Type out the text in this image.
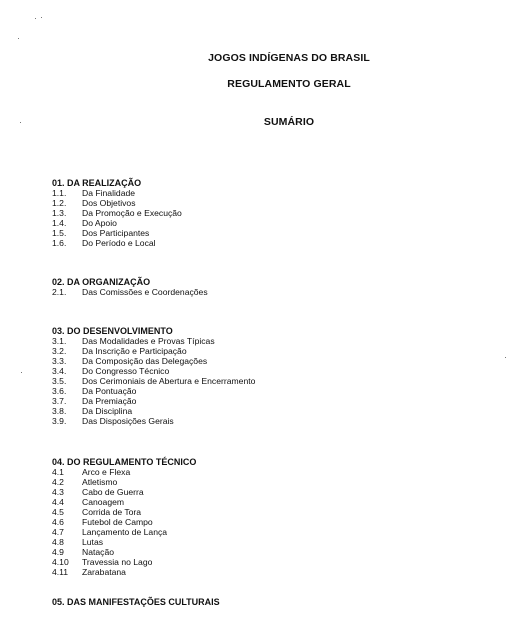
JOGOS INDÍGENAS DO BRASIL
REGULAMENTO GERAL
SUMÁRIO

01. DA REALIZAÇÃO

1.1.	Da Finalidade
1.2.	Dos Objetivos
1.3.	Da Promoção e Execução
1.4.	Do Apoio
1.5.	Dos Participantes
1.6.	Do Período e Local

02. DA ORGANIZAÇÃO

2.1.	Das Comissões e Coordenações

03. DO DESENVOLVIMENTO

3.1.	Das Modalidades e Provas Típicas
3.2.	Da Inscrição e Participação
3.3.	Da Composição das Delegações
3.4.	Do Congresso Técnico
3.5.	Dos Cerimoniais de Abertura e Encerramento
3.6.	Da Pontuação
3.7.	Da Premiação
3.8.	Da Disciplina
3.9.	Das Disposições Gerais

04. DO REGULAMENTO TÉCNICO

4.1	Arco e Flexa
4.2	Atletismo
4.3	Cabo de Guerra
4.4	Canoagem
4.5	Corrida de Tora
4.6	Futebol de Campo
4.7	Lançamento de Lança
4.8	Lutas
4.9	Natação
4.10	Travessia no Lago
4.11	Zarabatana

05. DAS MANIFESTAÇÕES CULTURAIS
